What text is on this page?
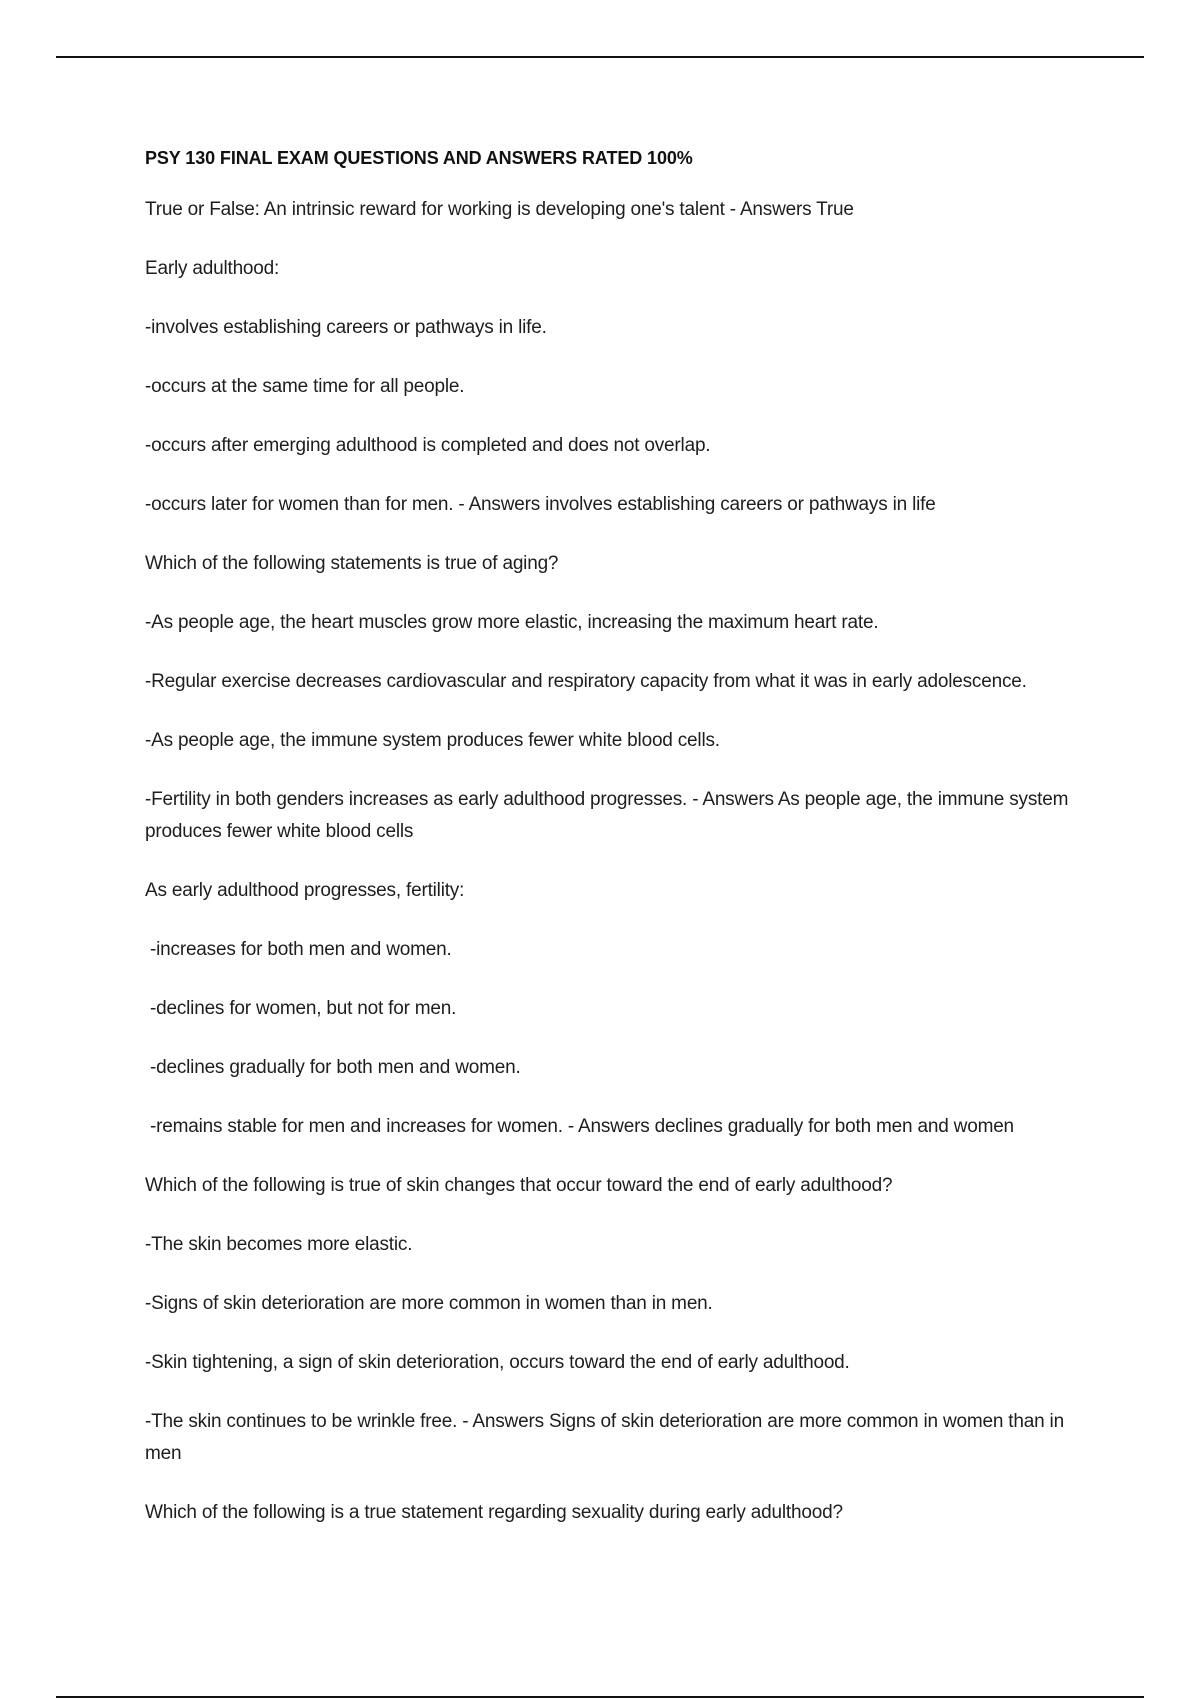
PSY 130 FINAL EXAM QUESTIONS AND ANSWERS RATED 100%

True or False: An intrinsic reward for working is developing one's talent - Answers True

Early adulthood:

-involves establishing careers or pathways in life.

-occurs at the same time for all people.

-occurs after emerging adulthood is completed and does not overlap.

-occurs later for women than for men. - Answers involves establishing careers or pathways in life

Which of the following statements is true of aging?

-As people age, the heart muscles grow more elastic, increasing the maximum heart rate.

-Regular exercise decreases cardiovascular and respiratory capacity from what it was in early adolescence.

-As people age, the immune system produces fewer white blood cells.

-Fertility in both genders increases as early adulthood progresses. - Answers As people age, the immune system produces fewer white blood cells

As early adulthood progresses, fertility:

-increases for both men and women.

-declines for women, but not for men.

-declines gradually for both men and women.

-remains stable for men and increases for women. - Answers declines gradually for both men and women

Which of the following is true of skin changes that occur toward the end of early adulthood?

-The skin becomes more elastic.

-Signs of skin deterioration are more common in women than in men.

-Skin tightening, a sign of skin deterioration, occurs toward the end of early adulthood.

-The skin continues to be wrinkle free. - Answers Signs of skin deterioration are more common in women than in men

Which of the following is a true statement regarding sexuality during early adulthood?
